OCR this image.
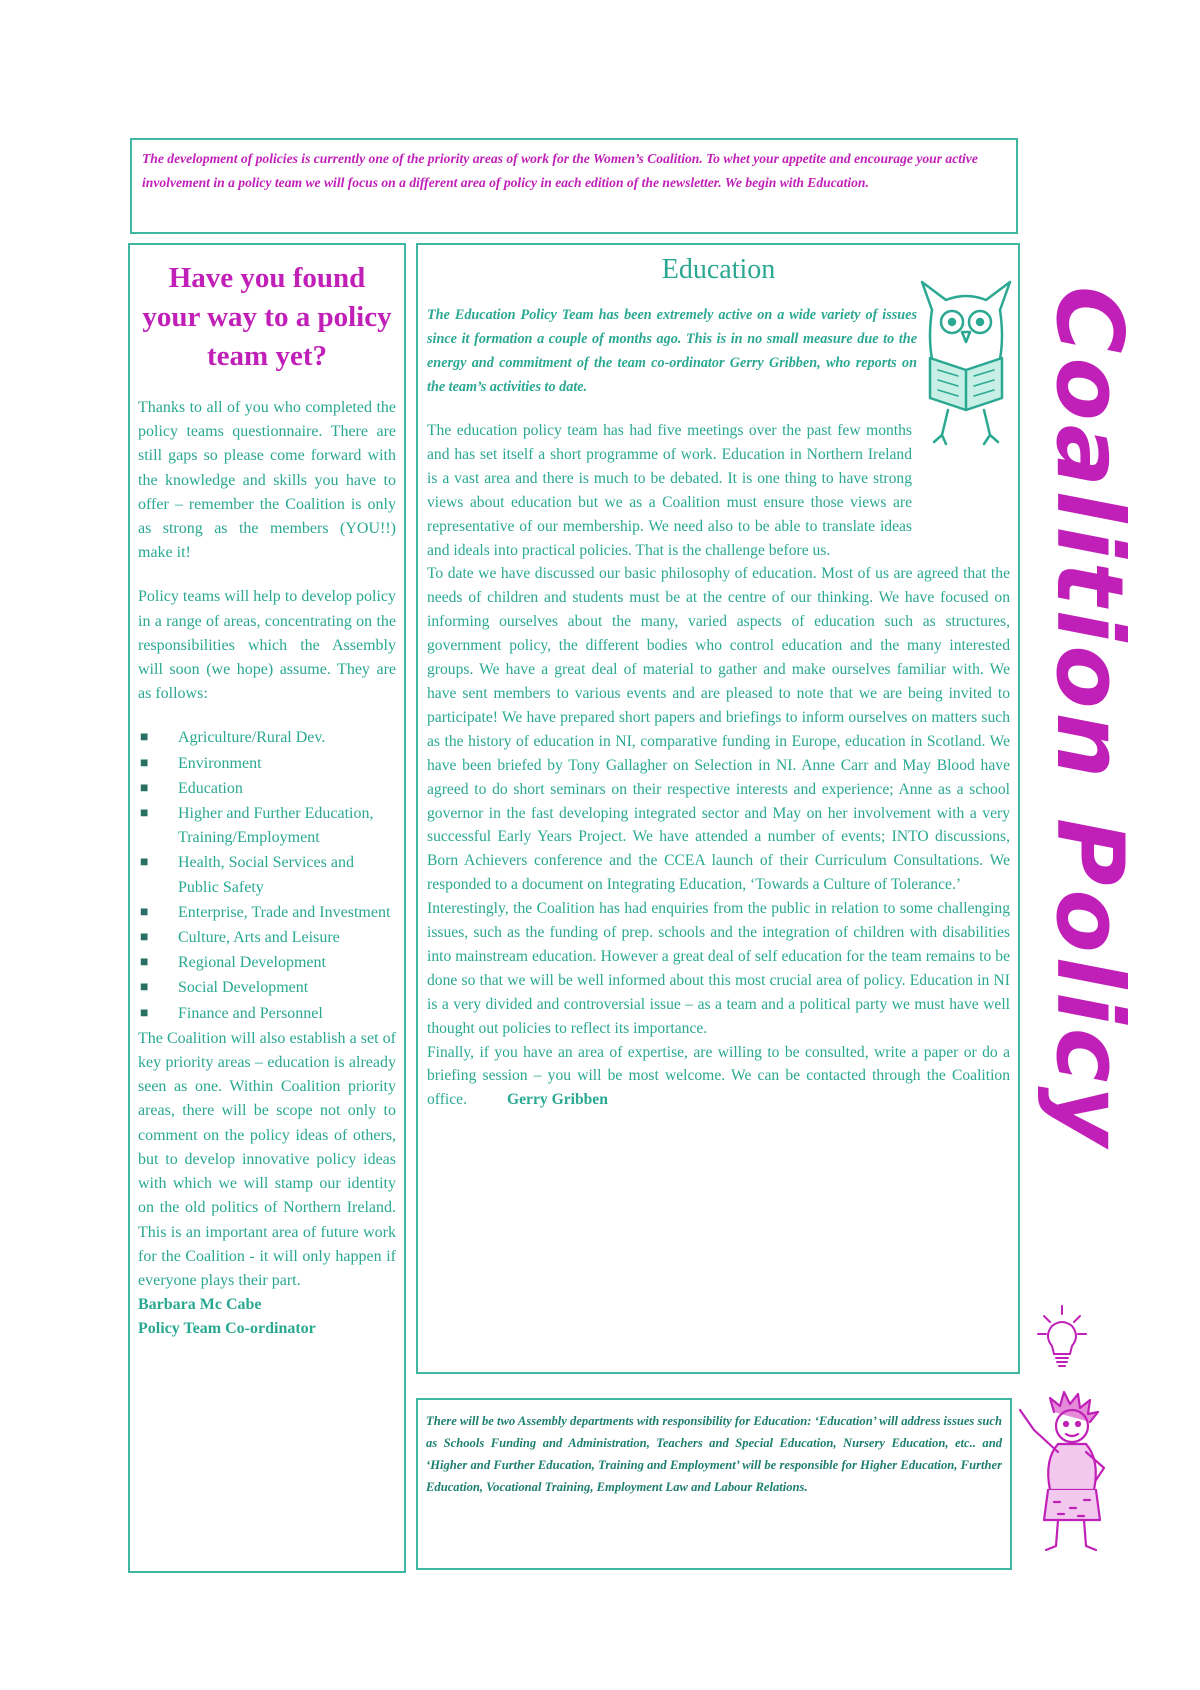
The development of policies is currently one of the priority areas of work for the Women’s Coalition. To whet your appetite and encourage your active involvement in a policy team we will focus on a different area of policy in each edition of the newsletter. We begin with Education.

Coalition Policy
Have you found your way to a policy team yet?

Thanks to all of you who completed the policy teams questionnaire. There are still gaps so please come forward with the knowledge and skills you have to offer – remember the Coalition is only as strong as the members (YOU!!) make it!

Policy teams will help to develop policy in a range of areas, concentrating on the responsibilities which the Assembly will soon (we hope) assume. They are as follows:

■ Agriculture/Rural Dev.
■ Environment
■ Education
■ Higher and Further Education, Training/Employment
■ Health, Social Services and Public Safety
■ Enterprise, Trade and Investment
■ Culture, Arts and Leisure
■ Regional Development
■ Social Development
■ Finance and Personnel

The Coalition will also establish a set of key priority areas – education is already seen as one. Within Coalition priority areas, there will be scope not only to comment on the policy ideas of others, but to develop innovative policy ideas with which we will stamp our identity on the old politics of Northern Ireland. This is an important area of future work for the Coalition - it will only happen if everyone plays their part.

Barbara Mc Cabe
Policy Team Co-ordinator
Education

The Education Policy Team has been extremely active on a wide variety of issues since it formation a couple of months ago. This is in no small measure due to the energy and commitment of the team co-ordinator Gerry Gribben, who reports on the team’s activities to date.

The education policy team has had five meetings over the past few months and has set itself a short programme of work. Education in Northern Ireland is a vast area and there is much to be debated. It is one thing to have strong views about education but we as a Coalition must ensure those views are representative of our membership. We need also to be able to translate ideas and ideals into practical policies. That is the challenge before us.

To date we have discussed our basic philosophy of education. Most of us are agreed that the needs of children and students must be at the centre of our thinking. We have focused on informing ourselves about the many, varied aspects of education such as structures, government policy, the different bodies who control education and the many interested groups. We have a great deal of material to gather and make ourselves familiar with. We have sent members to various events and are pleased to note that we are being invited to participate! We have prepared short papers and briefings to inform ourselves on matters such as the history of education in NI, comparative funding in Europe, education in Scotland. We have been briefed by Tony Gallagher on Selection in NI. Anne Carr and May Blood have agreed to do short seminars on their respective interests and experience; Anne as a school governor in the fast developing integrated sector and May on her involvement with a very successful Early Years Project. We have attended a number of events; INTO discussions, Born Achievers conference and the CCEA launch of their Curriculum Consultations. We responded to a document on Integrating Education, ‘Towards a Culture of Tolerance.’

Interestingly, the Coalition has had enquiries from the public in relation to some challenging issues, such as the funding of prep. schools and the integration of children with disabilities into mainstream education. However a great deal of self education for the team remains to be done so that we will be well informed about this most crucial area of policy. Education in NI is a very divided and controversial issue – as a team and a political party we must have well thought out policies to reflect its importance.

Finally, if you have an area of expertise, are willing to be consulted, write a paper or do a briefing session – you will be most welcome. We can be contacted through the Coalition office.	Gerry Gribben

There will be two Assembly departments with responsibility for Education: ‘Education’ will address issues such as Schools Funding and Administration, Teachers and Special Education, Nursery Education, etc.. and ‘Higher and Further Education, Training and Employment’ will be responsible for Higher Education, Further Education, Vocational Training, Employment Law and Labour Relations.
